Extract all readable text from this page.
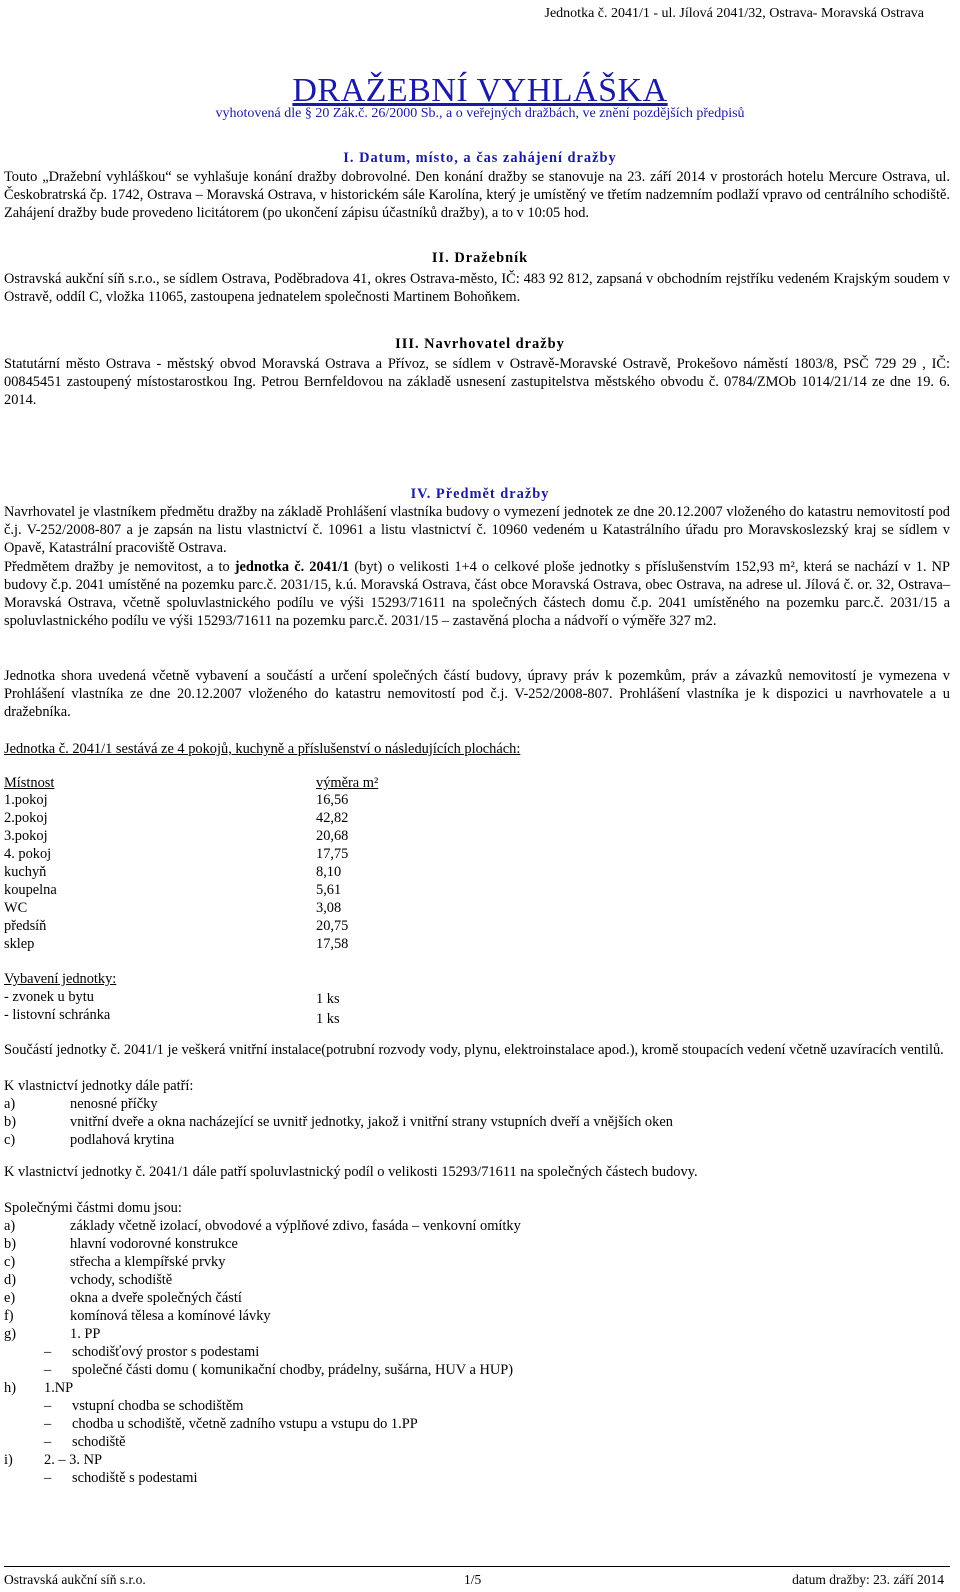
Jednotka č. 2041/1 - ul. Jílová 2041/32, Ostrava- Moravská Ostrava
DRAŽEBNÍ VYHLÁŠKA
vyhotovená dle § 20 Zák.č. 26/2000 Sb., a o veřejných dražbách, ve znění pozdějších předpisů
I. Datum, místo, a čas zahájení dražby
Touto „Dražební vyhláškou“ se vyhlašuje konání dražby dobrovolné. Den konání dražby se stanovuje na 23. září 2014 v prostorách hotelu Mercure Ostrava, ul. Českobratrská čp. 1742, Ostrava – Moravská Ostrava, v historickém sále Karolína, který je umístěný ve třetím nadzemním podlaží vpravo od centrálního schodiště. Zahájení dražby bude provedeno licitátorem (po ukončení zápisu účastníků dražby), a to v 10:05 hod.
II. Dražebník
Ostravská aukční síň s.r.o., se sídlem Ostrava, Poděbradova 41, okres Ostrava-město, IČ: 483 92 812, zapsaná v obchodním rejstříku vedeném Krajským soudem v Ostravě, oddíl C, vložka 11065, zastoupena jednatelem společnosti Martinem Bohoňkem.
III. Navrhovatel dražby
Statutární město Ostrava - městský obvod Moravská Ostrava a Přívoz, se sídlem v Ostravě-Moravské Ostravě, Prokešovo náměstí 1803/8, PSČ 729 29 , IČ: 00845451 zastoupený místostarostkou Ing. Petrou Bernfeldovou na základě usnesení zastupitelstva městského obvodu č. 0784/ZMOb 1014/21/14 ze dne 19. 6. 2014.
IV. Předmět dražby
Navrhovatel je vlastníkem předmětu dražby na základě Prohlášení vlastníka budovy o vymezení jednotek ze dne 20.12.2007 vloženého do katastru nemovitostí pod č.j. V-252/2008-807 a je zapsán na listu vlastnictví č. 10961 a listu vlastnictví č. 10960 vedeném u Katastrálního úřadu pro Moravskoslezský kraj se sídlem v Opavě, Katastrální pracoviště Ostrava.
Předmětem dražby je nemovitost, a to jednotka č. 2041/1 (byt) o velikosti 1+4 o celkové ploše jednotky s příslušenstvím 152,93 m², která se nachází v 1. NP budovy č.p. 2041 umístěné na pozemku parc.č. 2031/15, k.ú. Moravská Ostrava, část obce Moravská Ostrava, obec Ostrava, na adrese ul. Jílová č. or. 32, Ostrava–Moravská Ostrava, včetně spoluvlastnického podílu ve výši 15293/71611 na společných částech domu č.p. 2041 umístěného na pozemku parc.č. 2031/15 a spoluvlastnického podílu ve výši 15293/71611 na pozemku parc.č. 2031/15 – zastavěná plocha a nádvoří o výměře 327 m2.
Jednotka shora uvedená včetně vybavení a součástí a určení společných částí budovy, úpravy práv k pozemkům, práv a závazků nemovitostí je vymezena v Prohlášení vlastníka ze dne 20.12.2007 vloženého do katastru nemovitostí pod č.j. V-252/2008-807. Prohlášení vlastníka je k dispozici u navrhovatele a u dražebníka.
Jednotka č. 2041/1 sestává ze 4 pokojů, kuchyně a příslušenství o následujících plochách:
Místnost	výměra m²
1.pokoj	16,56
2.pokoj	42,82
3.pokoj	20,68
4. pokoj	17,75
kuchyň	8,10
koupelna	5,61
WC	3,08
předsíň	20,75
sklep	17,58
Vybavení jednotky:
- zvonek u bytu	1 ks
- listovní schránka	1 ks
Součástí jednotky č. 2041/1 je veškerá vnitřní instalace(potrubní rozvody vody, plynu, elektroinstalace apod.), kromě stoupacích vedení včetně uzavíracích ventilů.
K vlastnictví jednotky dále patří:
a)	nenosné příčky
b)	vnitřní dveře a okna nacházející se uvnitř jednotky, jakož i vnitřní strany vstupních dveří a vnějších oken
c)	podlahová krytina
K vlastnictví jednotky č. 2041/1 dále patří spoluvlastnický podíl o velikosti 15293/71611 na společných částech budovy.
Společnými částmi domu jsou:
a)	základy včetně izolací, obvodové a výplňové zdivo, fasáda – venkovní omítky
b)	hlavní vodorovné konstrukce
c)	střecha a klempířské prvky
d)	vchody, schodiště
e)	okna a dveře společných částí
f)	komínová tělesa a komínové lávky
g)	1. PP
– schodišťový prostor s podestami
– společné části domu ( komunikační chodby, prádelny, sušárna, HUV a HUP)
h) 1.NP
– vstupní chodba se schodištěm
– chodba u schodiště, včetně zadního vstupu a vstupu do 1.PP
– schodiště
i) 2. – 3. NP
– schodiště s podestami
Ostravská aukční síň s.r.o.	1/5	datum dražby: 23. září 2014
